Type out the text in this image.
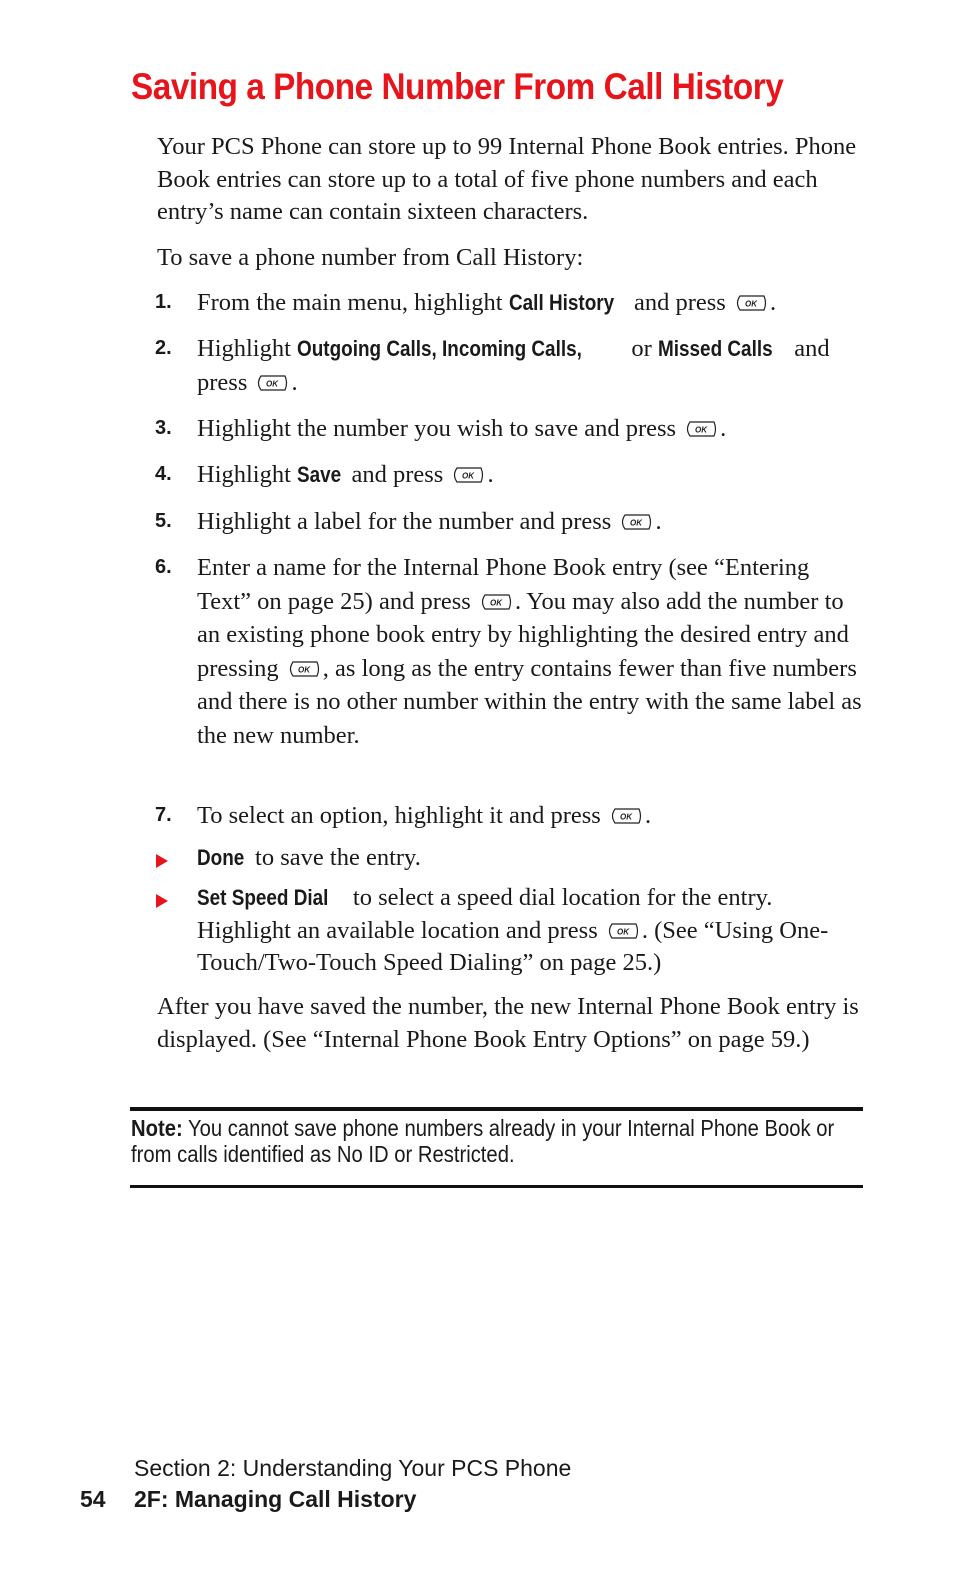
Saving a Phone Number From Call History
Your PCS Phone can store up to 99 Internal Phone Book entries. Phone Book entries can store up to a total of five phone numbers and each entry’s name can contain sixteen characters.
To save a phone number from Call History:
1. From the main menu, highlight Call History and press OK .
2. Highlight Outgoing Calls, Incoming Calls, or Missed Calls and press OK .
3. Highlight the number you wish to save and press OK .
4. Highlight Save and press OK .
5. Highlight a label for the number and press OK .
6. Enter a name for the Internal Phone Book entry (see “Entering Text” on page 25) and press OK . You may also add the number to an existing phone book entry by highlighting the desired entry and pressing OK , as long as the entry contains fewer than five numbers and there is no other number within the entry with the same label as the new number.
7. To select an option, highlight it and press OK .
Done to save the entry.
Set Speed Dial to select a speed dial location for the entry. Highlight an available location and press OK . (See “Using One-Touch/Two-Touch Speed Dialing” on page 25.)
After you have saved the number, the new Internal Phone Book entry is displayed. (See “Internal Phone Book Entry Options” on page 59.)
Note: You cannot save phone numbers already in your Internal Phone Book or from calls identified as No ID or Restricted.
Section 2: Understanding Your PCS Phone
54 2F: Managing Call History
